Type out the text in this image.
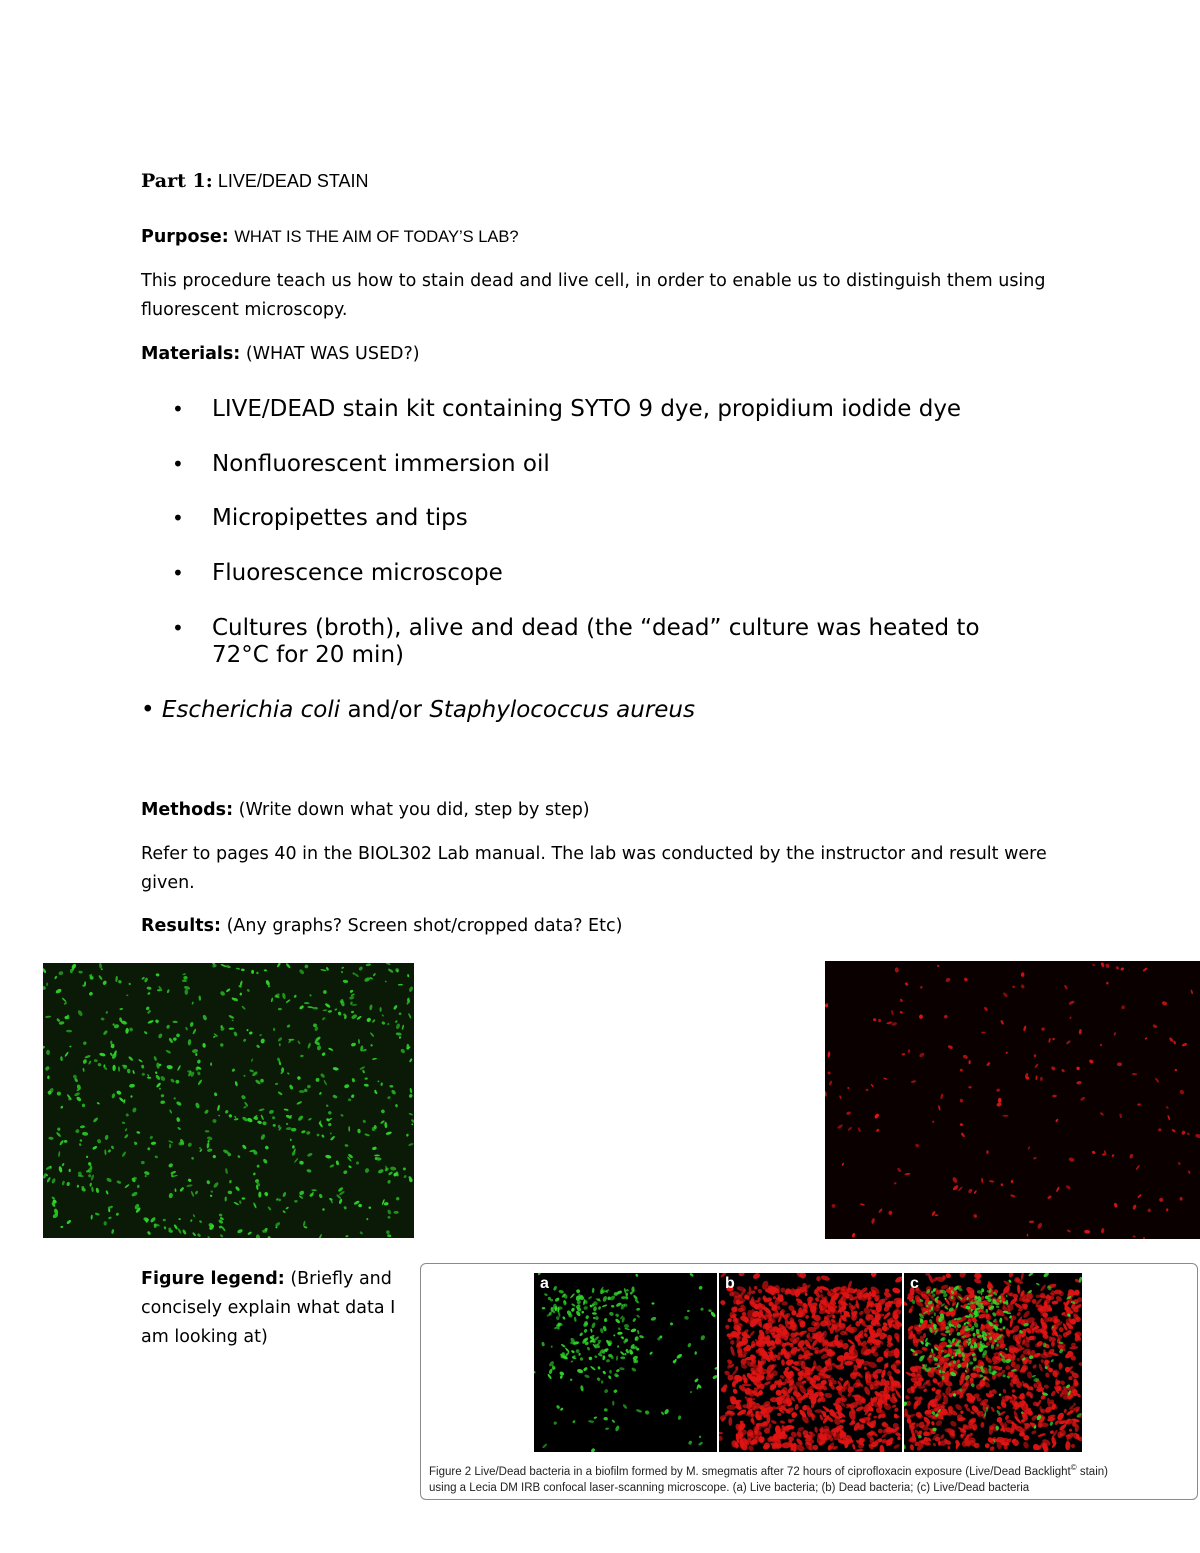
Part 1: LIVE/DEAD STAIN
Purpose: WHAT IS THE AIM OF TODAY’S LAB?
This procedure teach us how to stain dead and live cell, in order to enable us to distinguish them using
fluorescent microscopy.
Materials: (WHAT WAS USED?)
• LIVE/DEAD stain kit containing SYTO 9 dye, propidium iodide dye
• Nonfluorescent immersion oil
• Micropipettes and tips
• Fluorescence microscope
• Cultures (broth), alive and dead (the “dead” culture was heated to 72°C for 20 min)
• Escherichia coli and/or Staphylococcus aureus
Methods: (Write down what you did, step by step)
Refer to pages 40 in the BIOL302 Lab manual. The lab was conducted by the instructor and result were
given.
Results: (Any graphs? Screen shot/cropped data? Etc)
Figure legend: (Briefly and
concisely explain what data I
am looking at)
a	b	c
Figure 2 Live/Dead bacteria in a biofilm formed by M. smegmatis after 72 hours of ciprofloxacin exposure (Live/Dead Backlight© stain)
using a Lecia DM IRB confocal laser-scanning microscope. (a) Live bacteria; (b) Dead bacteria; (c) Live/Dead bacteria
